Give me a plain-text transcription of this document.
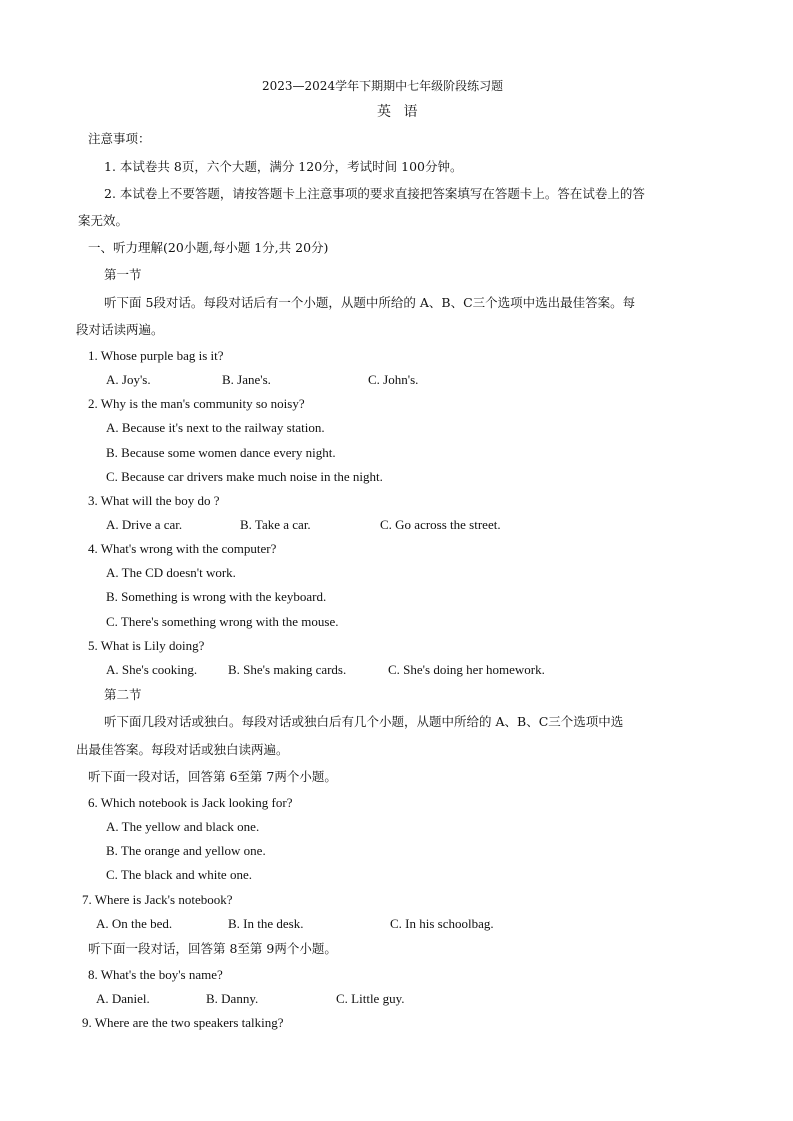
2023—2024学年下期期中七年级阶段练习题
英 语
注意事项：
1. 本试卷共 8页，六个大题，满分 120分，考试时间 100分钟。
2. 本试卷上不要答题，请按答题卡上注意事项的要求直接把答案填写在答题卡上。答在试卷上的答
案无效。
一、听力理解(20小题,每小题 1分,共 20分)
第一节
听下面 5段对话。每段对话后有一个小题，从题中所给的 A、B、C三个选项中选出最佳答案。每
段对话读两遍。
1. Whose purple bag is it?
A. Joy's.	B. Jane's.	C. John's.
2. Why is the man's community so noisy?
A. Because it's next to the railway station.
B. Because some women dance every night.
C. Because car drivers make much noise in the night.
3. What will the boy do ?
A. Drive a car.	B. Take a car.	C. Go across the street.
4. What's wrong with the computer?
A. The CD doesn't work.
B. Something is wrong with the keyboard.
C. There's something wrong with the mouse.
5. What is Lily doing?
A. She's cooking. B. She's making cards.	C. She's doing her homework.
第二节
听下面几段对话或独白。每段对话或独白后有几个小题，从题中所给的 A、B、C三个选项中选
出最佳答案。每段对话或独白读两遍。
听下面一段对话，回答第 6至第 7两个小题。
6. Which notebook is Jack looking for?
A. The yellow and black one.
B. The orange and yellow one.
C. The black and white one.
7. Where is Jack's notebook?
A. On the bed.	B. In the desk.	C. In his schoolbag.
听下面一段对话，回答第 8至第 9两个小题。
8. What's the boy's name?
A. Daniel.	B. Danny.	C. Little guy.
9. Where are the two speakers talking?
